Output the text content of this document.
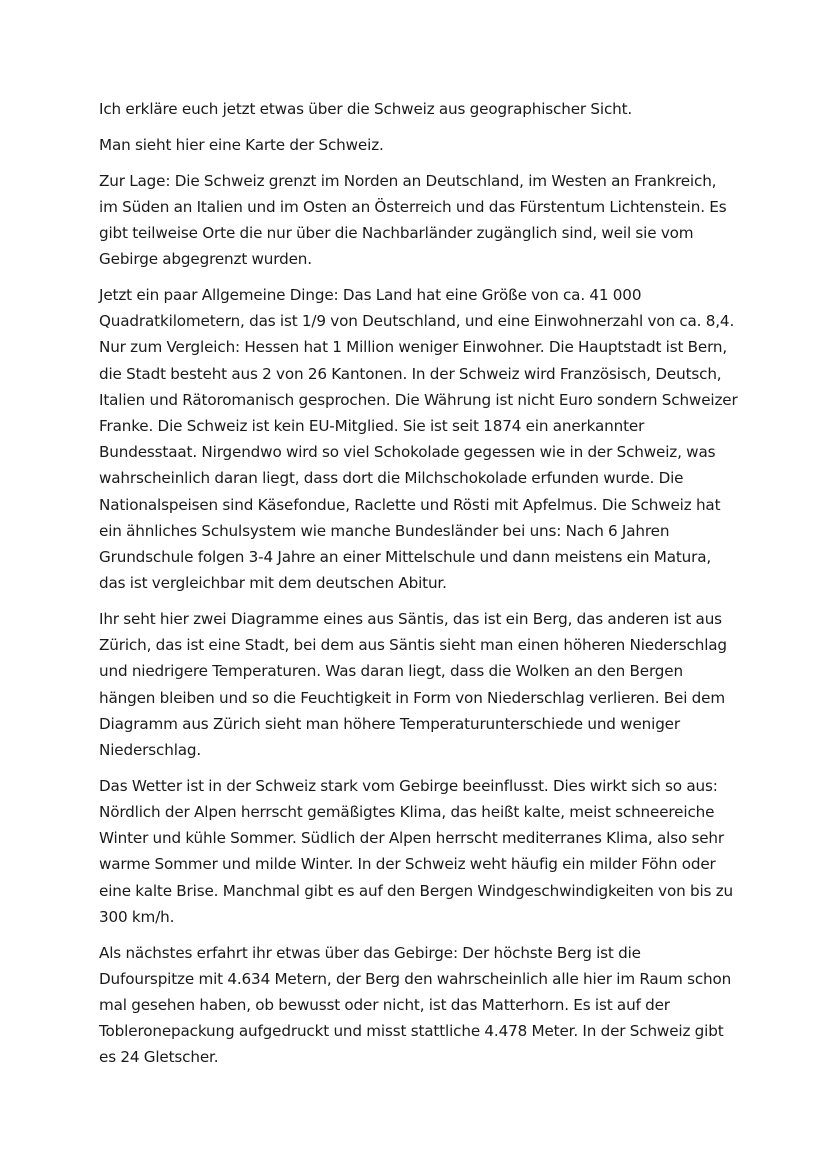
Ich erkläre euch jetzt etwas über die Schweiz aus geographischer Sicht.

Man sieht hier eine Karte der Schweiz.

Zur Lage: Die Schweiz grenzt im Norden an Deutschland, im Westen an Frankreich, im Süden an Italien und im Osten an Österreich und das Fürstentum Lichtenstein. Es gibt teilweise Orte die nur über die Nachbarländer zugänglich sind, weil sie vom Gebirge abgegrenzt wurden.

Jetzt ein paar Allgemeine Dinge: Das Land hat eine Größe von ca. 41 000 Quadratkilometern, das ist 1/9 von Deutschland, und eine Einwohnerzahl von ca. 8,4. Nur zum Vergleich: Hessen hat 1 Million weniger Einwohner. Die Hauptstadt ist Bern, die Stadt besteht aus 2 von 26 Kantonen. In der Schweiz wird Französisch, Deutsch, Italien und Rätoromanisch gesprochen. Die Währung ist nicht Euro sondern Schweizer Franke. Die Schweiz ist kein EU-Mitglied. Sie ist seit 1874 ein anerkannter Bundesstaat. Nirgendwo wird so viel Schokolade gegessen wie in der Schweiz, was wahrscheinlich daran liegt, dass dort die Milchschokolade erfunden wurde. Die Nationalspeisen sind Käsefondue, Raclette und Rösti mit Apfelmus. Die Schweiz hat ein ähnliches Schulsystem wie manche Bundesländer bei uns: Nach 6 Jahren Grundschule folgen 3-4 Jahre an einer Mittelschule und dann meistens ein Matura, das ist vergleichbar mit dem deutschen Abitur.

Ihr seht hier zwei Diagramme eines aus Säntis, das ist ein Berg, das anderen ist aus Zürich, das ist eine Stadt, bei dem aus Säntis sieht man einen höheren Niederschlag und niedrigere Temperaturen. Was daran liegt, dass die Wolken an den Bergen hängen bleiben und so die Feuchtigkeit in Form von Niederschlag verlieren. Bei dem Diagramm aus Zürich sieht man höhere Temperaturunterschiede und weniger Niederschlag.

Das Wetter ist in der Schweiz stark vom Gebirge beeinflusst. Dies wirkt sich so aus: Nördlich der Alpen herrscht gemäßigtes Klima, das heißt kalte, meist schneereiche Winter und kühle Sommer. Südlich der Alpen herrscht mediterranes Klima, also sehr warme Sommer und milde Winter. In der Schweiz weht häufig ein milder Föhn oder eine kalte Brise. Manchmal gibt es auf den Bergen Windgeschwindigkeiten von bis zu 300 km/h.

Als nächstes erfahrt ihr etwas über das Gebirge: Der höchste Berg ist die Dufourspitze mit 4.634 Metern, der Berg den wahrscheinlich alle hier im Raum schon mal gesehen haben, ob bewusst oder nicht, ist das Matterhorn. Es ist auf der Tobleronepackung aufgedruckt und misst stattliche 4.478 Meter. In der Schweiz gibt es 24 Gletscher.
